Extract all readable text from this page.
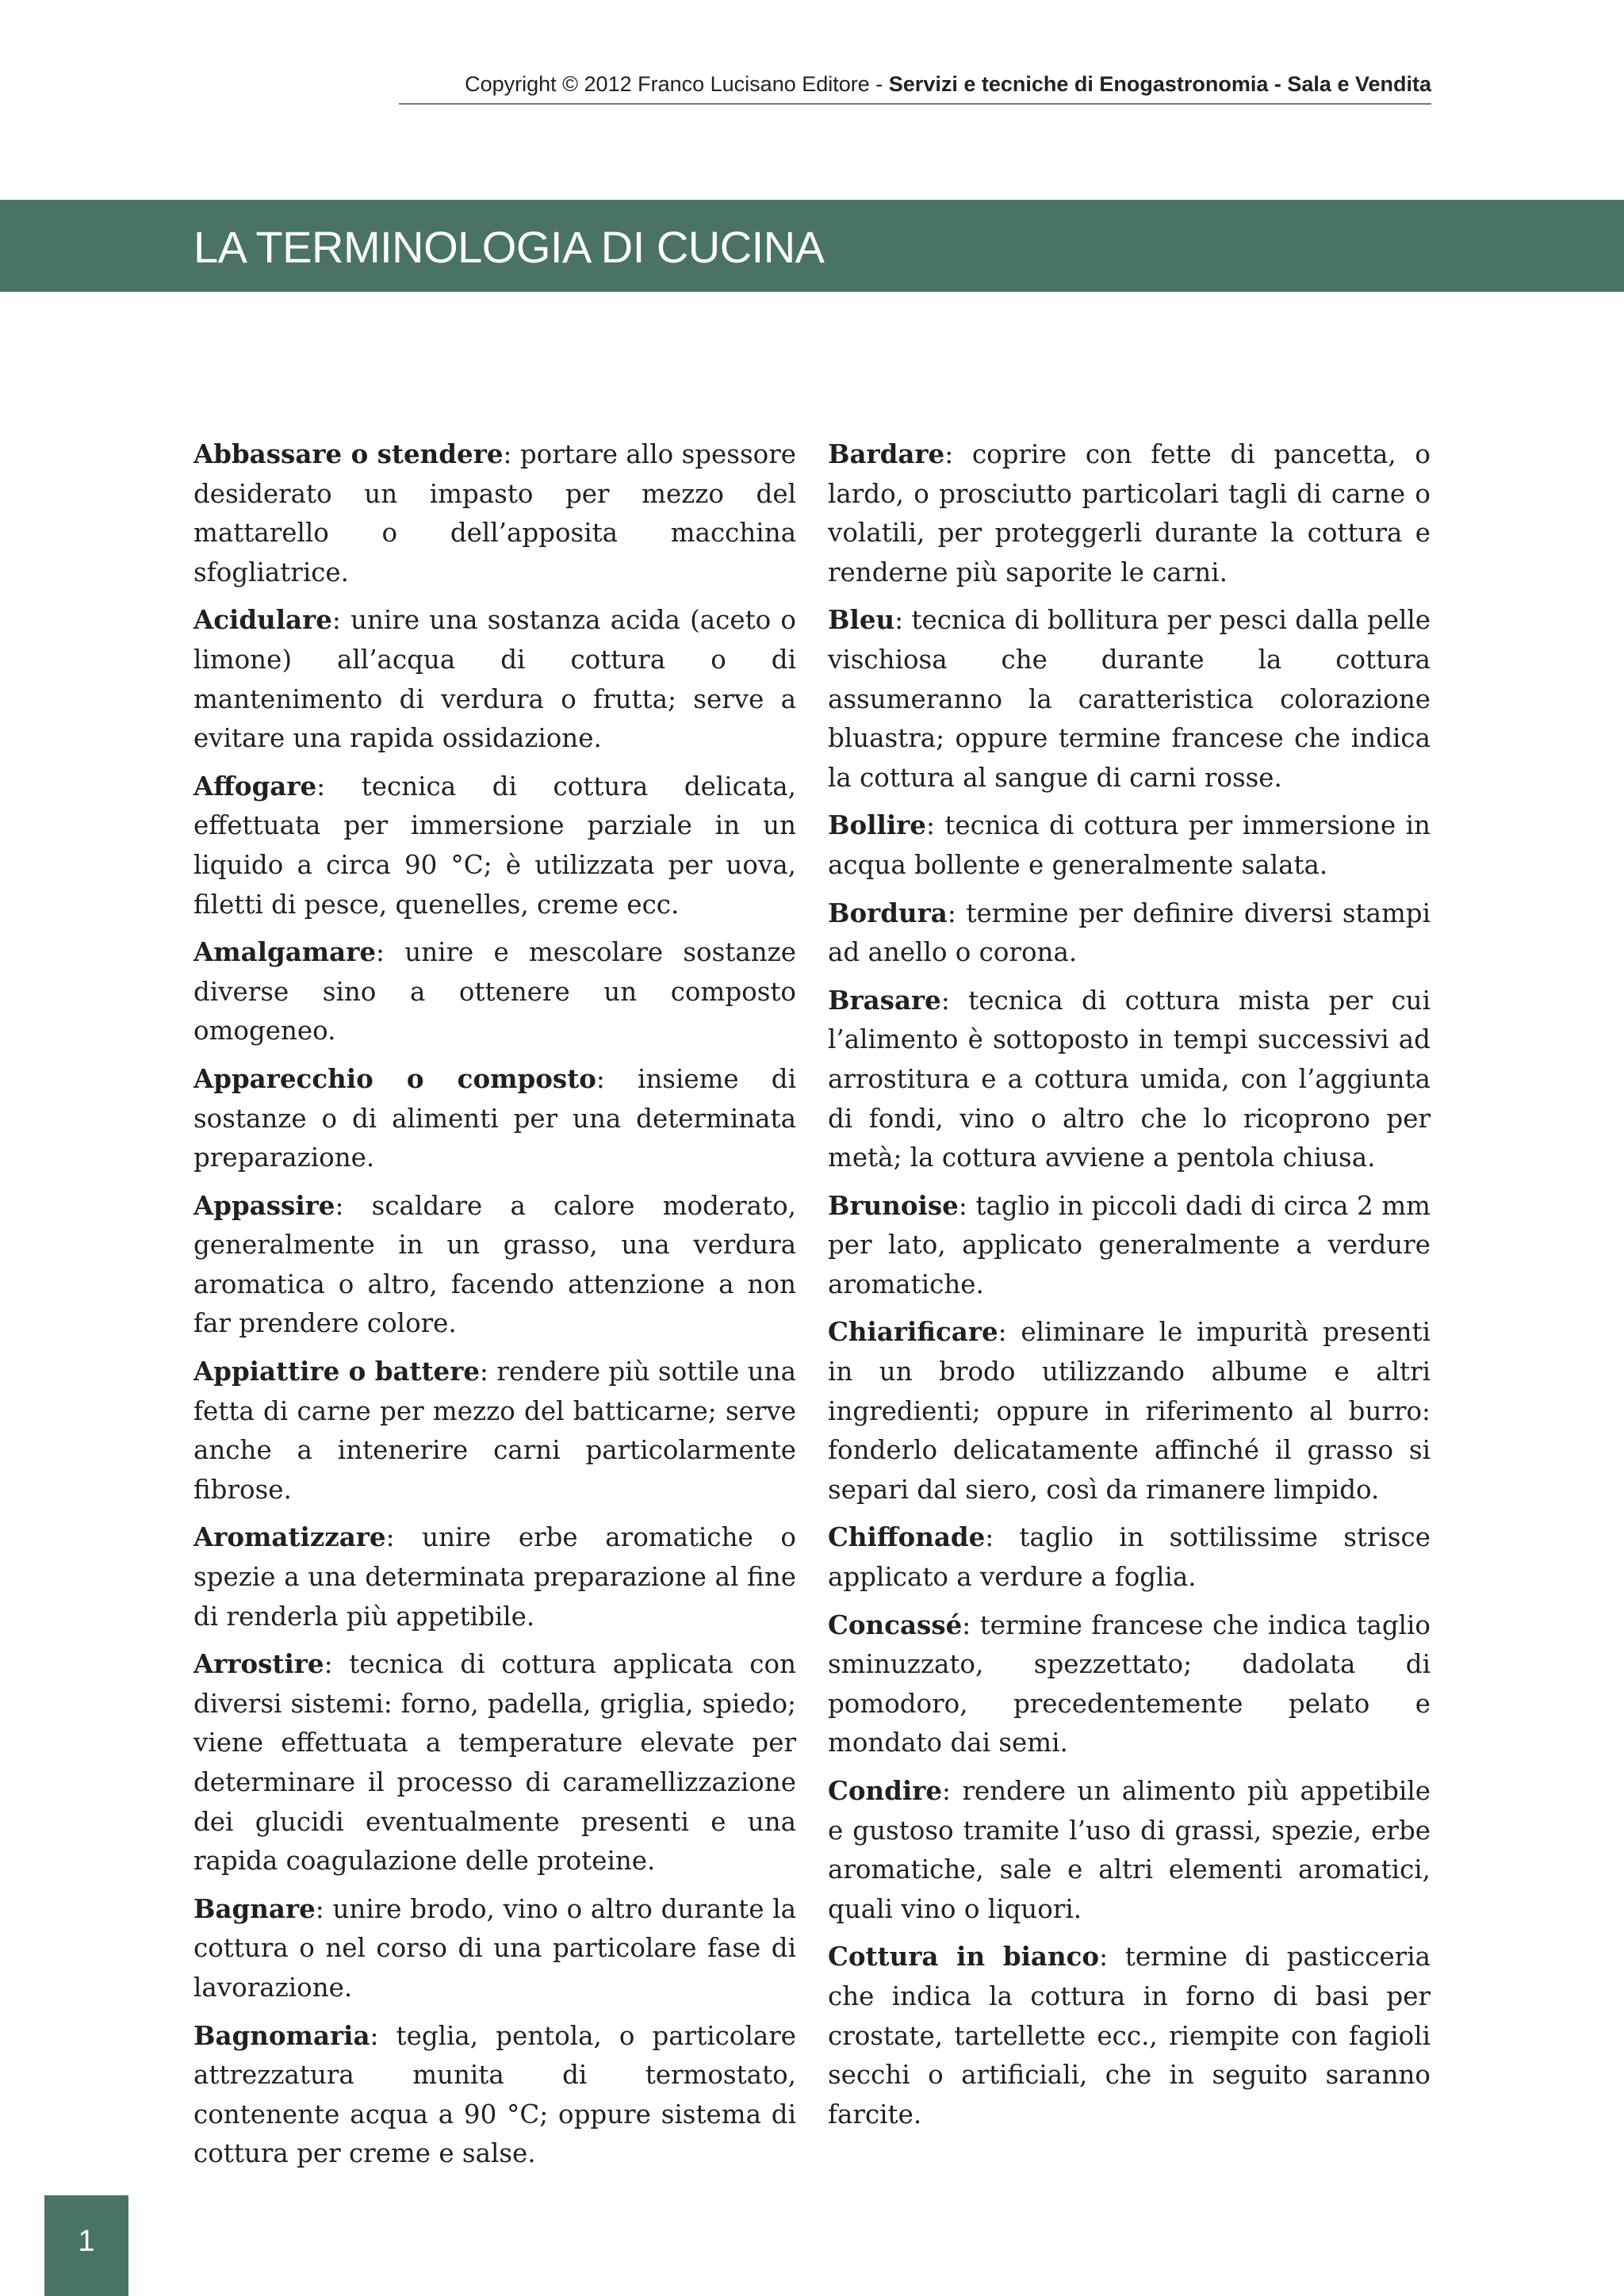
Copyright © 2012 Franco Lucisano Editore - Servizi e tecniche di Enogastronomia - Sala e Vendita
LA TERMINOLOGIA DI CUCINA

Abbassare o stendere: portare allo spessore desiderato un impasto per mezzo del mattarello o dell’apposita macchina sfogliatrice.

Acidulare: unire una sostanza acida (aceto o limone) all’acqua di cottura o di mantenimento di verdura o frutta; serve a evitare una rapida ossidazione.

Affogare: tecnica di cottura delicata, effettuata per immersione parziale in un liquido a circa 90 °C; è utilizzata per uova, filetti di pesce, quenelles, creme ecc.

Amalgamare: unire e mescolare sostanze diverse sino a ottenere un composto omogeneo.

Apparecchio o composto: insieme di sostanze o di alimenti per una determinata preparazione.

Appassire: scaldare a calore moderato, generalmente in un grasso, una verdura aromatica o altro, facendo attenzione a non far prendere colore.

Appiattire o battere: rendere più sottile una fetta di carne per mezzo del batticarne; serve anche a intenerire carni particolarmente fibrose.

Aromatizzare: unire erbe aromatiche o spezie a una determinata preparazione al fine di renderla più appetibile.

Arrostire: tecnica di cottura applicata con diversi sistemi: forno, padella, griglia, spiedo; viene effettuata a temperature elevate per determinare il processo di caramellizzazione dei glucidi eventualmente presenti e una rapida coagulazione delle proteine.

Bagnare: unire brodo, vino o altro durante la cottura o nel corso di una particolare fase di lavorazione.

Bagnomaria: teglia, pentola, o particolare attrezzatura munita di termostato, contenente acqua a 90 °C; oppure sistema di cottura per creme e salse.

Bardare: coprire con fette di pancetta, o lardo, o prosciutto particolari tagli di carne o volatili, per proteggerli durante la cottura e renderne più saporite le carni.

Bleu: tecnica di bollitura per pesci dalla pelle vischiosa che durante la cottura assumeranno la caratteristica colorazione bluastra; oppure termine francese che indica la cottura al sangue di carni rosse.

Bollire: tecnica di cottura per immersione in acqua bollente e generalmente salata.

Bordura: termine per definire diversi stampi ad anello o corona.

Brasare: tecnica di cottura mista per cui l’alimento è sottoposto in tempi successivi ad arrostitura e a cottura umida, con l’aggiunta di fondi, vino o altro che lo ricoprono per metà; la cottura avviene a pentola chiusa.

Brunoise: taglio in piccoli dadi di circa 2 mm per lato, applicato generalmente a verdure aromatiche.

Chiarificare: eliminare le impurità presenti in un brodo utilizzando albume e altri ingredienti; oppure in riferimento al burro: fonderlo delicatamente affinché il grasso si separi dal siero, così da rimanere limpido.

Chiffonade: taglio in sottilissime strisce applicato a verdure a foglia.

Concassé: termine francese che indica taglio sminuzzato, spezzettato; dadolata di pomodoro, precedentemente pelato e mondato dai semi.

Condire: rendere un alimento più appetibile e gustoso tramite l’uso di grassi, spezie, erbe aromatiche, sale e altri elementi aromatici, quali vino o liquori.

Cottura in bianco: termine di pasticceria che indica la cottura in forno di basi per crostate, tartellette ecc., riempite con fagioli secchi o artificiali, che in seguito saranno farcite.

1
